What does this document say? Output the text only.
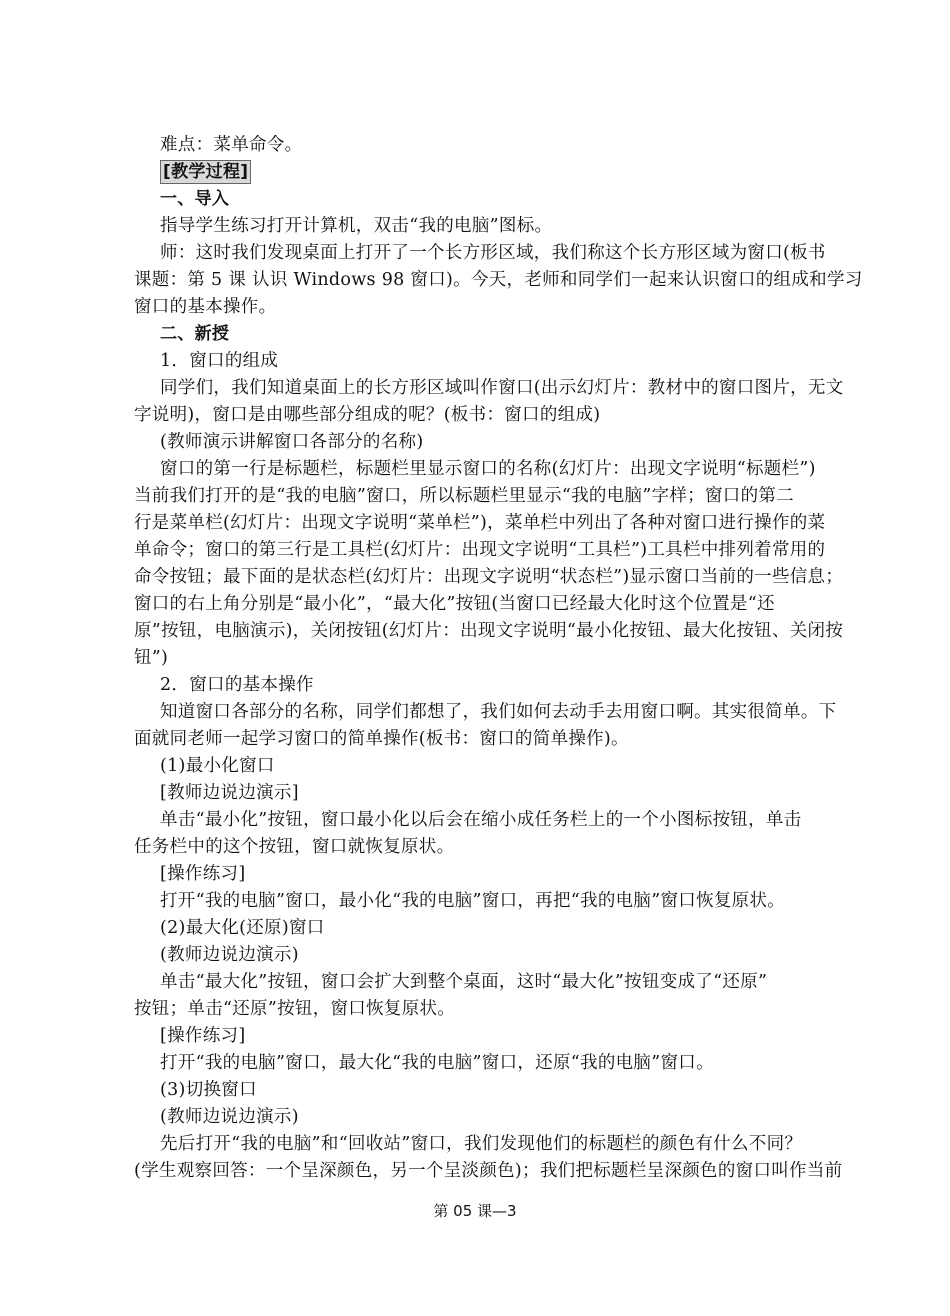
难点：菜单命令。
[教学过程]
一、导入
指导学生练习打开计算机，双击“我的电脑”图标。
师：这时我们发现桌面上打开了一个长方形区域，我们称这个长方形区域为窗口(板书
课题：第 5 课 认识 Windows 98 窗口)。今天，老师和同学们一起来认识窗口的组成和学习
窗口的基本操作。
二、新授
1．窗口的组成
同学们，我们知道桌面上的长方形区域叫作窗口(出示幻灯片：教材中的窗口图片，无文
字说明)，窗口是由哪些部分组成的呢？(板书：窗口的组成)
(教师演示讲解窗口各部分的名称)
窗口的第一行是标题栏，标题栏里显示窗口的名称(幻灯片：出现文字说明“标题栏”)
当前我们打开的是“我的电脑”窗口，所以标题栏里显示“我的电脑”字样；窗口的第二
行是菜单栏(幻灯片：出现文字说明“菜单栏”)，菜单栏中列出了各种对窗口进行操作的菜
单命令；窗口的第三行是工具栏(幻灯片：出现文字说明“工具栏”)工具栏中排列着常用的
命令按钮；最下面的是状态栏(幻灯片：出现文字说明“状态栏”)显示窗口当前的一些信息；
窗口的右上角分别是“最小化”，“最大化”按钮(当窗口已经最大化时这个位置是“还
原”按钮，电脑演示)，关闭按钮(幻灯片：出现文字说明“最小化按钮、最大化按钮、关闭按
钮”)
2．窗口的基本操作
知道窗口各部分的名称，同学们都想了，我们如何去动手去用窗口啊。其实很简单。下
面就同老师一起学习窗口的简单操作(板书：窗口的简单操作)。
(1)最小化窗口
[教师边说边演示]
单击“最小化”按钮，窗口最小化以后会在缩小成任务栏上的一个小图标按钮，单击
任务栏中的这个按钮，窗口就恢复原状。
[操作练习]
打开“我的电脑”窗口，最小化“我的电脑”窗口，再把“我的电脑”窗口恢复原状。
(2)最大化(还原)窗口
(教师边说边演示)
单击“最大化”按钮，窗口会扩大到整个桌面，这时“最大化”按钮变成了“还原”
按钮；单击“还原”按钮，窗口恢复原状。
[操作练习]
打开“我的电脑”窗口，最大化“我的电脑”窗口，还原“我的电脑”窗口。
(3)切换窗口
(教师边说边演示)
先后打开“我的电脑”和“回收站”窗口，我们发现他们的标题栏的颜色有什么不同？
(学生观察回答：一个呈深颜色，另一个呈淡颜色)；我们把标题栏呈深颜色的窗口叫作当前
第 05 课—3
